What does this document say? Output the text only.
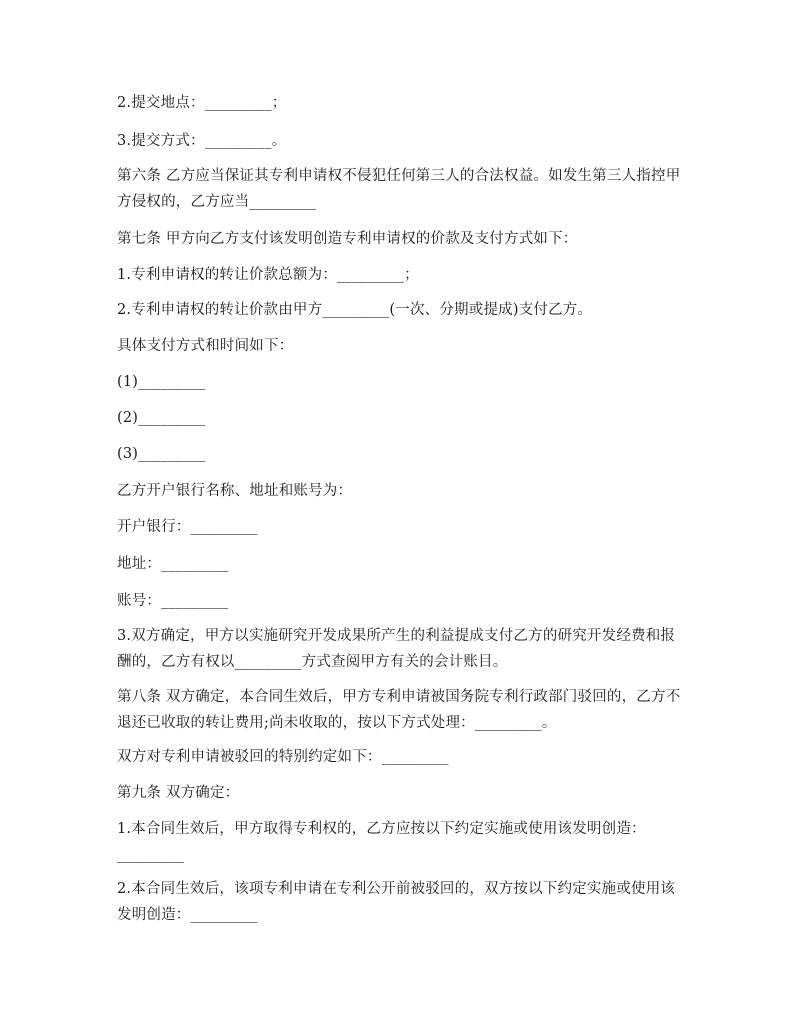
2.提交地点：_________；

3.提交方式：_________。

第六条 乙方应当保证其专利申请权不侵犯任何第三人的合法权益。如发生第三人指控甲方侵权的，乙方应当_________

第七条 甲方向乙方支付该发明创造专利申请权的价款及支付方式如下：

1.专利申请权的转让价款总额为：_________；

2.专利申请权的转让价款由甲方_________(一次、分期或提成)支付乙方。

具体支付方式和时间如下：

(1)_________

(2)_________

(3)_________

乙方开户银行名称、地址和账号为：

开户银行：_________

地址：_________

账号：_________

3.双方确定，甲方以实施研究开发成果所产生的利益提成支付乙方的研究开发经费和报酬的，乙方有权以_________方式查阅甲方有关的会计账目。

第八条 双方确定，本合同生效后，甲方专利申请被国务院专利行政部门驳回的，乙方不退还已收取的转让费用;尚未收取的，按以下方式处理：_________。

双方对专利申请被驳回的特别约定如下：_________

第九条 双方确定：

1.本合同生效后，甲方取得专利权的，乙方应按以下约定实施或使用该发明创造：_________

2.本合同生效后，该项专利申请在专利公开前被驳回的，双方按以下约定实施或使用该发明创造：_________
